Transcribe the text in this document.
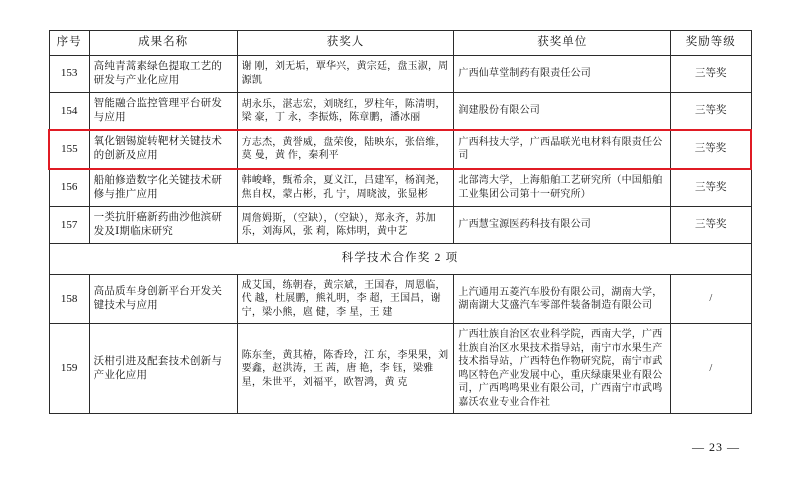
序号	成果名称	获奖人	获奖单位	奖励等级
153	高纯青蒿素绿色提取工艺的研发与产业化应用	谢 刚，刘无垢，覃华兴，黄宗廷，盘玉淑，周源凯	广西仙草堂制药有限责任公司	三等奖
154	智能融合监控管理平台研发与应用	胡永乐，湛志宏，刘晓红，罗柱年，陈清明，梁 豪，丁 永，李振炼，陈章鹏，潘冰丽	润建股份有限公司	三等奖
155	氧化铟锡旋转靶材关键技术的创新及应用	方志杰，黄誉威，盘荣俊，陆映东，张倍维，莫 曼，黄 作，秦利平	广西科技大学，广西晶联光电材料有限责任公司	三等奖
156	船舶修造数字化关键技术研修与推广应用	韩峻峰，甄希余，夏义江，吕建军，杨润尧，焦自权，蒙占彬，孔 宁，周晓波，张显彬	北部湾大学，上海船舶工艺研究所（中国船舶工业集团公司第十一研究所）	三等奖
157	一类抗肝癌新药曲沙他滨研发及Ⅰ期临床研究	周詹姆斯，（空缺），（空缺），郑永齐，苏加乐，刘海风，张 莉，陈炜明，黄中艺	广西慧宝源医药科技有限公司	三等奖
科学技术合作奖 2 项				
158	高品质车身创新平台开发关键技术与应用	成艾国，练朝春，黄宗斌，王国春，周恩临，代 越，杜展鹏，熊礼明，李 超，王国昌，谢 宁，梁小熊，扈 健，李 星，王 建	上汽通用五菱汽车股份有限公司，湖南大学，湖南湖大艾盛汽车零部件装备制造有限公司	/
159	沃柑引进及配套技术创新与产业化应用	陈东奎，黄其椿，陈香玲，江 东，李果果，刘要鑫，赵洪涛，王 茜，唐 艳，李 钰，梁雅星，朱世平，刘福平，欧智鸿，黄 克	广西壮族自治区农业科学院，西南大学，广西壮族自治区水果技术指导站，南宁市水果生产技术指导站，广西特色作物研究院，南宁市武鸣区特色产业发展中心，重庆绿康果业有限公司，广西鸣鸣果业有限公司，广西南宁市武鸣嘉沃农业专业合作社	/
— 23 —
